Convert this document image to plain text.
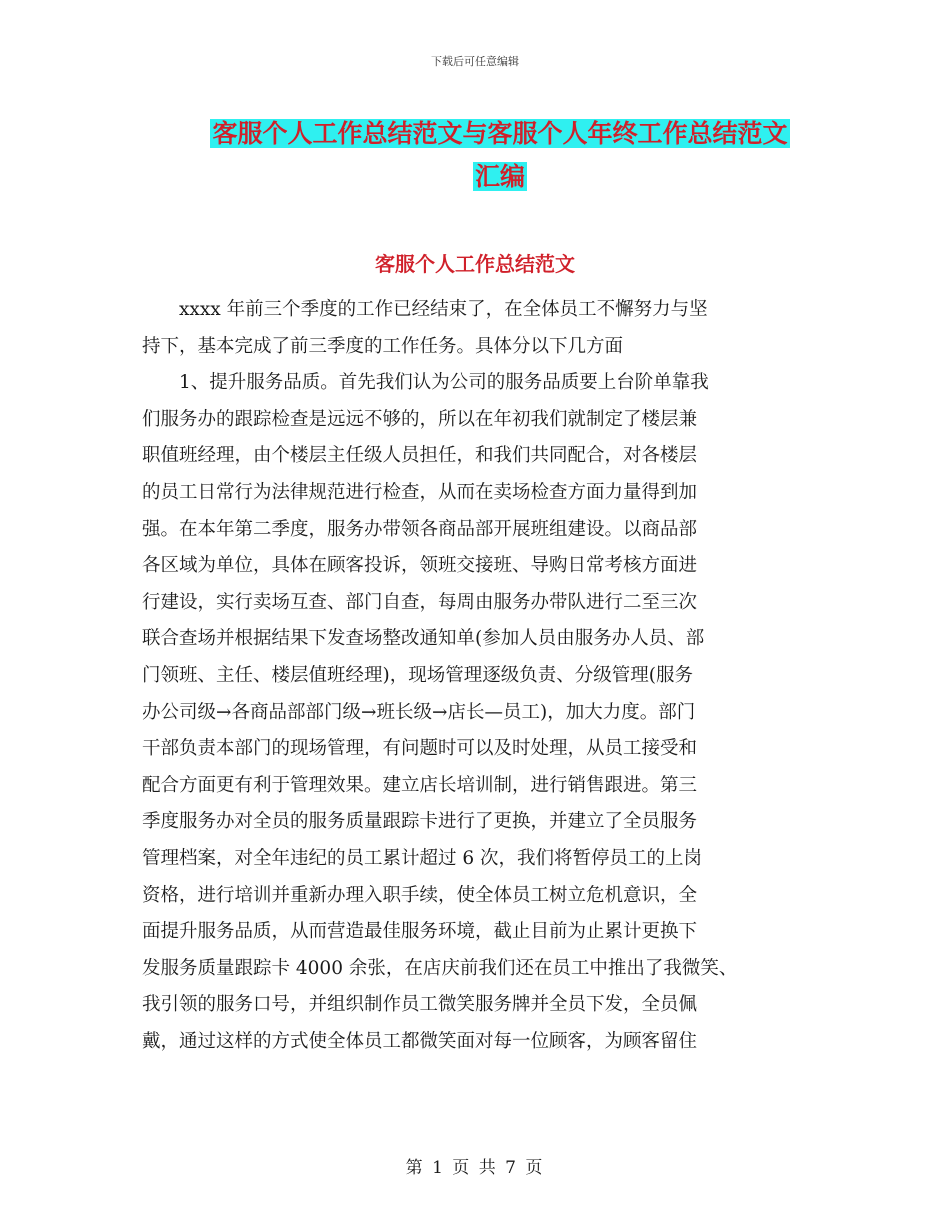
下载后可任意编辑
客服个人工作总结范文与客服个人年终工作总结范文
汇编
客服个人工作总结范文
　　xxxx 年前三个季度的工作已经结束了，在全体员工不懈努力与坚
持下，基本完成了前三季度的工作任务。具体分以下几方面
　　1、提升服务品质。首先我们认为公司的服务品质要上台阶单靠我
们服务办的跟踪检查是远远不够的，所以在年初我们就制定了楼层兼
职值班经理，由个楼层主任级人员担任，和我们共同配合，对各楼层
的员工日常行为法律规范进行检查，从而在卖场检查方面力量得到加
强。在本年第二季度，服务办带领各商品部开展班组建设。以商品部
各区域为单位，具体在顾客投诉，领班交接班、导购日常考核方面进
行建设，实行卖场互查、部门自查，每周由服务办带队进行二至三次
联合查场并根据结果下发查场整改通知单(参加人员由服务办人员、部
门领班、主任、楼层值班经理)，现场管理逐级负责、分级管理(服务
办公司级→各商品部部门级→班长级→店长—员工)，加大力度。部门
干部负责本部门的现场管理，有问题时可以及时处理，从员工接受和
配合方面更有利于管理效果。建立店长培训制，进行销售跟进。第三
季度服务办对全员的服务质量跟踪卡进行了更换，并建立了全员服务
管理档案，对全年违纪的员工累计超过 6 次，我们将暂停员工的上岗
资格，进行培训并重新办理入职手续，使全体员工树立危机意识，全
面提升服务品质，从而营造最佳服务环境，截止目前为止累计更换下
发服务质量跟踪卡 4000 余张，在店庆前我们还在员工中推出了我微笑、
我引领的服务口号，并组织制作员工微笑服务牌并全员下发，全员佩
戴，通过这样的方式使全体员工都微笑面对每一位顾客，为顾客留住
第 1 页 共 7 页
